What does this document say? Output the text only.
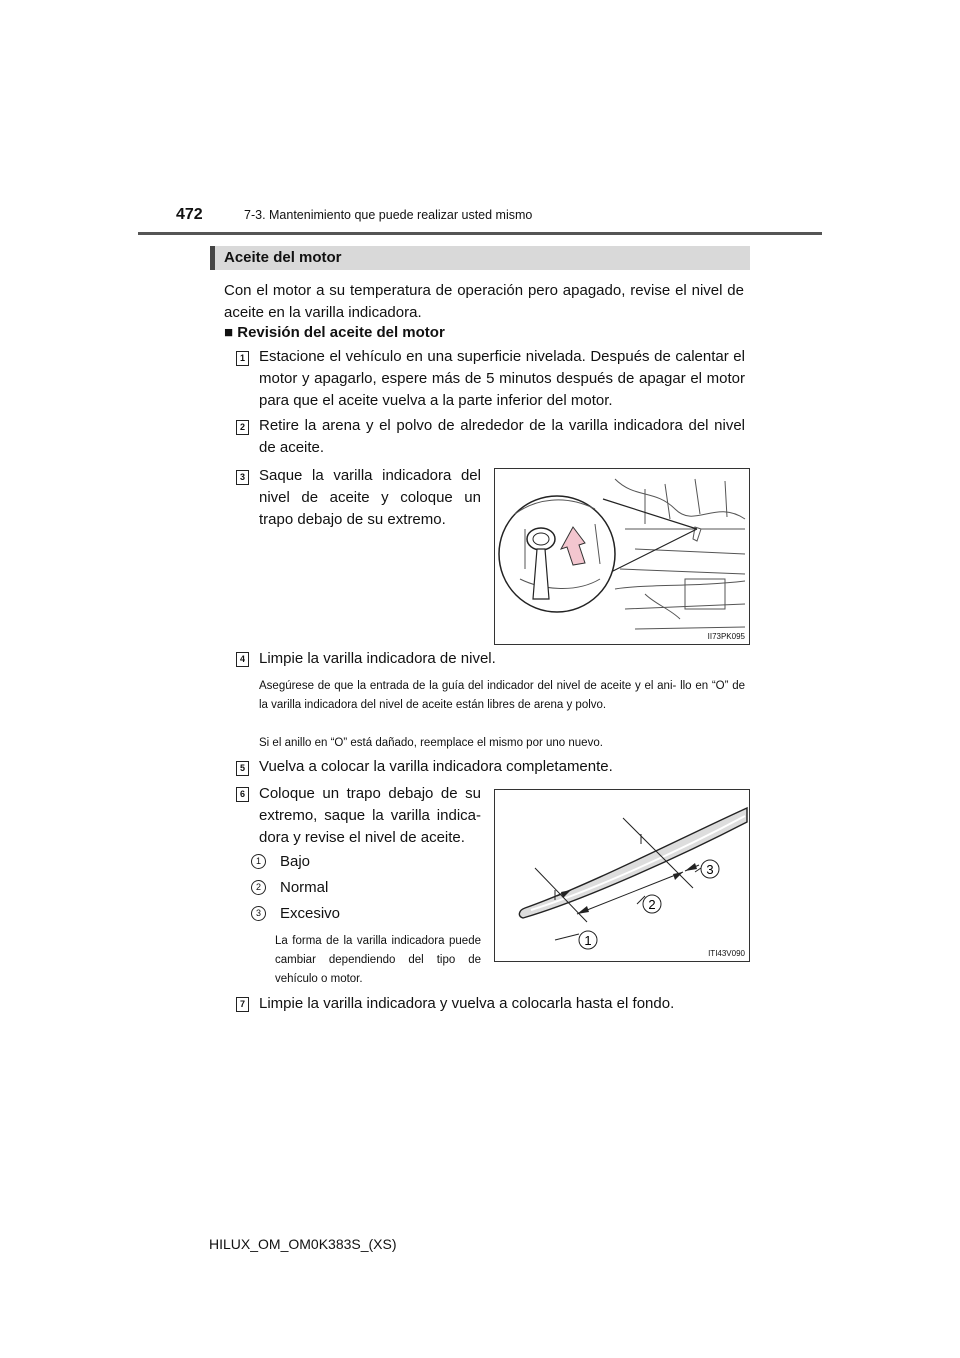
472	7-3. Mantenimiento que puede realizar usted mismo
Aceite del motor
Con el motor a su temperatura de operación pero apagado, revise el nivel de aceite en la varilla indicadora.
■ Revisión del aceite del motor
1 Estacione el vehículo en una superficie nivelada. Después de calentar el motor y apagarlo, espere más de 5 minutos después de apagar el motor para que el aceite vuelva a la parte inferior del motor.
2 Retire la arena y el polvo de alrededor de la varilla indicadora del nivel de aceite.
3 Saque la varilla indicadora del nivel de aceite y coloque un trapo debajo de su extremo.
II73PK095
4 Limpie la varilla indicadora de nivel.
Asegúrese de que la entrada de la guía del indicador del nivel de aceite y el ani- llo en “O” de la varilla indicadora del nivel de aceite están libres de arena y polvo.
Si el anillo en “O” está dañado, reemplace el mismo por uno nuevo.
5 Vuelva a colocar la varilla indicadora completamente.
6 Coloque un trapo debajo de su extremo, saque la varilla indica- dora y revise el nivel de aceite.
1	Bajo
2	Normal
3	Excesivo
La forma de la varilla indicadora puede cambiar dependiendo del tipo de vehículo o motor.
1
2
3
ITI43V090
7 Limpie la varilla indicadora y vuelva a colocarla hasta el fondo.
HILUX_OM_OM0K383S_(XS)
